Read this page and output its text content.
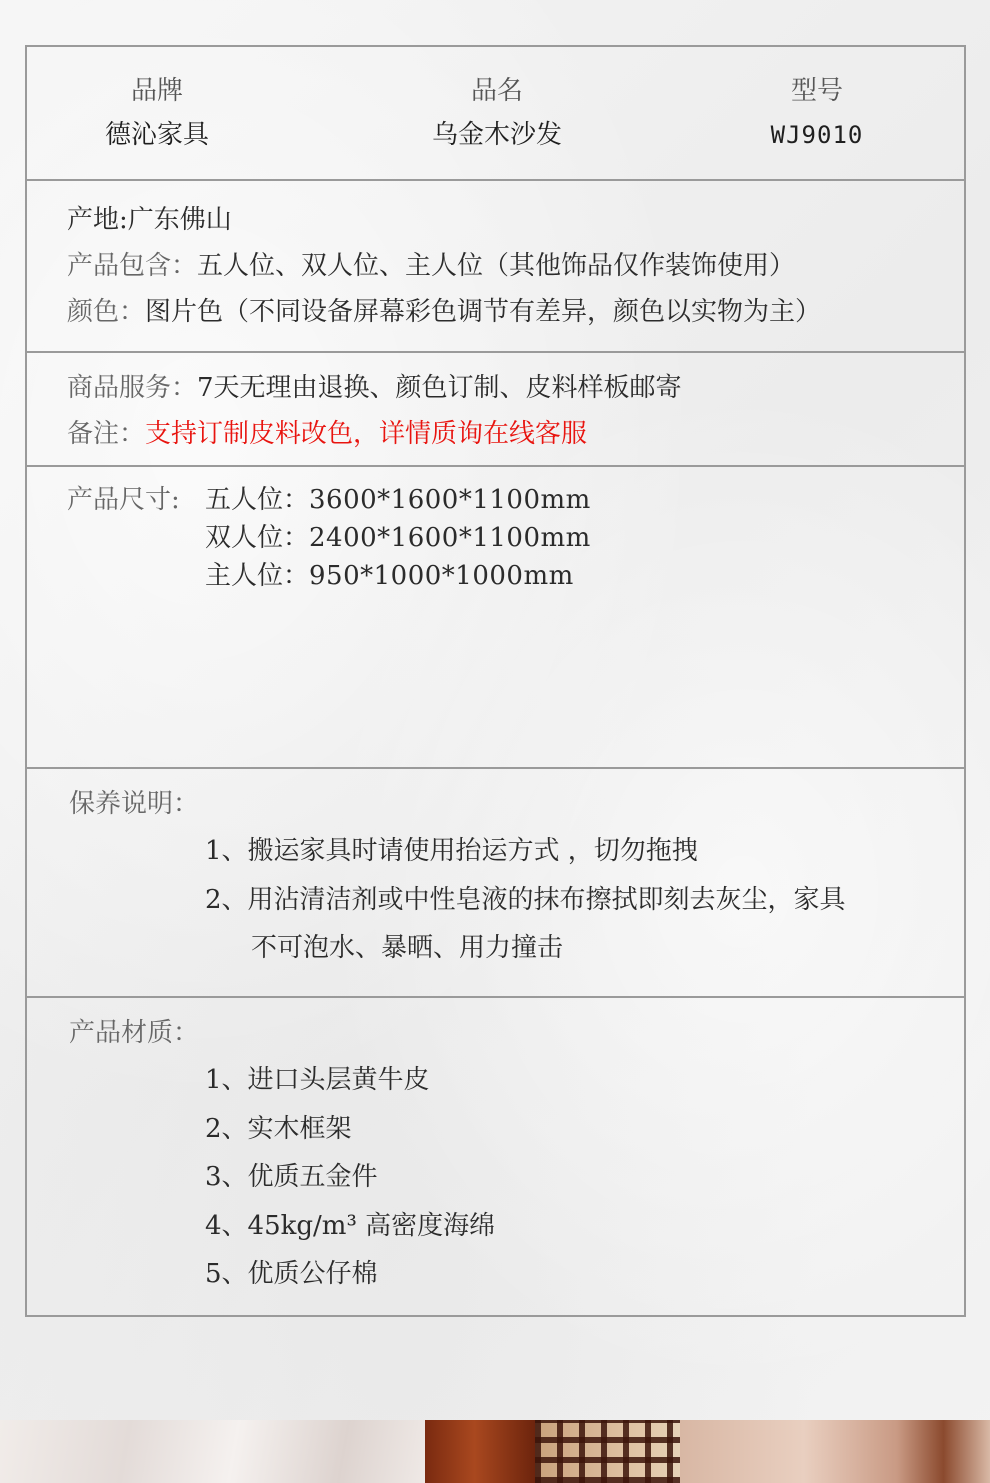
品牌
德沁家具
品名
乌金木沙发
型号
WJ9010
产地:广东佛山
产品包含：五人位、双人位、主人位（其他饰品仅作装饰使用）
颜色：图片色（不同设备屏幕彩色调节有差异，颜色以实物为主）
商品服务：7天无理由退换、颜色订制、皮料样板邮寄
备注：支持订制皮料改色，详情质询在线客服
产品尺寸: 五人位：3600*1600*1100mm
双人位：2400*1600*1100mm
主人位：950*1000*1000mm
保养说明：
1、搬运家具时请使用抬运方式 ，切勿拖拽
2、用沾清洁剂或中性皂液的抹布擦拭即刻去灰尘，家具
不可泡水、暴晒、用力撞击
产品材质：
1、进口头层黄牛皮
2、实木框架
3、优质五金件
4、45kg/m³ 高密度海绵
5、优质公仔棉
